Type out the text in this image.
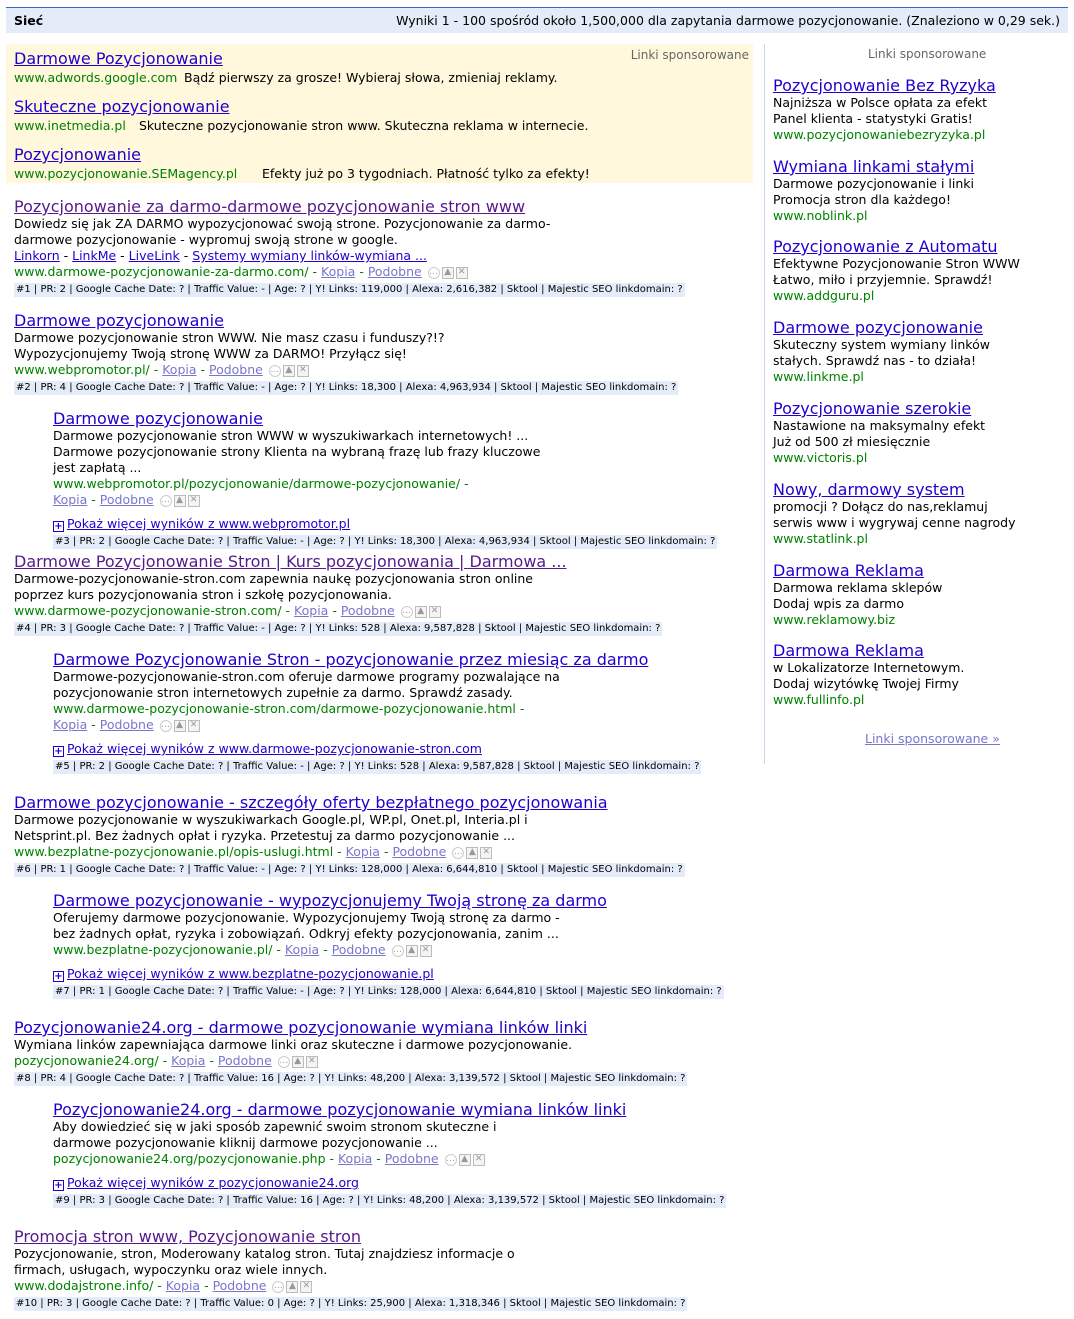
Sieć	Wyniki 1 - 100 spośród około 1,500,000 dla zapytania darmowe pozycjonowanie. (Znaleziono w 0,29 sek.)
Linki sponsorowane
Darmowe Pozycjonowanie
www.adwords.google.com Bądź pierwszy za grosze! Wybieraj słowa, zmieniaj reklamy.
Skuteczne pozycjonowanie
www.inetmedia.pl Skuteczne pozycjonowanie stron www. Skuteczna reklama w internecie.
Pozycjonowanie
www.pozycjonowanie.SEMagency.pl Efekty już po 3 tygodniach. Płatność tylko za efekty!
Pozycjonowanie za darmo-darmowe pozycjonowanie stron www
Dowiedz się jak ZA DARMO wypozycjonować swoją strone. Pozycjonowanie za darmo-darmowe pozycjonowanie - wypromuj swoją strone w google.
Linkorn - LinkMe - LiveLink - Systemy wymiany linków-wymiana ...
www.darmowe-pozycjonowanie-za-darmo.com/ - Kopia - Podobne … ▲ ✕
#1 | PR: 2 | Google Cache Date: ? | Traffic Value: - | Age: ? | Y! Links: 119,000 | Alexa: 2,616,382 | Sktool | Majestic SEO linkdomain: ?
Darmowe pozycjonowanie
Darmowe pozycjonowanie stron WWW. Nie masz czasu i funduszy?!? Wypozycjonujemy Twoją stronę WWW za DARMO! Przyłącz się!
www.webpromotor.pl/ - Kopia - Podobne … ▲ ✕
#2 | PR: 4 | Google Cache Date: ? | Traffic Value: - | Age: ? | Y! Links: 18,300 | Alexa: 4,963,934 | Sktool | Majestic SEO linkdomain: ?
Darmowe pozycjonowanie
Darmowe pozycjonowanie stron WWW w wyszukiwarkach internetowych! ... Darmowe pozycjonowanie strony Klienta na wybraną frazę lub frazy kluczowe jest zapłatą ...
www.webpromotor.pl/pozycjonowanie/darmowe-pozycjonowanie/ -
Kopia - Podobne … ▲ ✕
+ Pokaż więcej wyników z www.webpromotor.pl
#3 | PR: 2 | Google Cache Date: ? | Traffic Value: - | Age: ? | Y! Links: 18,300 | Alexa: 4,963,934 | Sktool | Majestic SEO linkdomain: ?
Darmowe Pozycjonowanie Stron | Kurs pozycjonowania | Darmowa ...
Darmowe-pozycjonowanie-stron.com zapewnia naukę pozycjonowania stron online poprzez kurs pozycjonowania stron i szkołę pozycjonowania.
www.darmowe-pozycjonowanie-stron.com/ - Kopia - Podobne … ▲ ✕
#4 | PR: 3 | Google Cache Date: ? | Traffic Value: - | Age: ? | Y! Links: 528 | Alexa: 9,587,828 | Sktool | Majestic SEO linkdomain: ?
Darmowe Pozycjonowanie Stron - pozycjonowanie przez miesiąc za darmo
Darmowe-pozycjonowanie-stron.com oferuje darmowe programy pozwalające na pozycjonowanie stron internetowych zupełnie za darmo. Sprawdź zasady.
www.darmowe-pozycjonowanie-stron.com/darmowe-pozycjonowanie.html -
Kopia - Podobne … ▲ ✕
+ Pokaż więcej wyników z www.darmowe-pozycjonowanie-stron.com
#5 | PR: 2 | Google Cache Date: ? | Traffic Value: - | Age: ? | Y! Links: 528 | Alexa: 9,587,828 | Sktool | Majestic SEO linkdomain: ?
Darmowe pozycjonowanie - szczegóły oferty bezpłatnego pozycjonowania
Darmowe pozycjonowanie w wyszukiwarkach Google.pl, WP.pl, Onet.pl, Interia.pl i Netsprint.pl. Bez żadnych opłat i ryzyka. Przetestuj za darmo pozycjonowanie ...
www.bezplatne-pozycjonowanie.pl/opis-uslugi.html - Kopia - Podobne … ▲ ✕
#6 | PR: 1 | Google Cache Date: ? | Traffic Value: - | Age: ? | Y! Links: 128,000 | Alexa: 6,644,810 | Sktool | Majestic SEO linkdomain: ?
Darmowe pozycjonowanie - wypozycjonujemy Twoją stronę za darmo
Oferujemy darmowe pozycjonowanie. Wypozycjonujemy Twoją stronę za darmo - bez żadnych opłat, ryzyka i zobowiązań. Odkryj efekty pozycjonowania, zanim ...
www.bezplatne-pozycjonowanie.pl/ - Kopia - Podobne … ▲ ✕
+ Pokaż więcej wyników z www.bezplatne-pozycjonowanie.pl
#7 | PR: 1 | Google Cache Date: ? | Traffic Value: - | Age: ? | Y! Links: 128,000 | Alexa: 6,644,810 | Sktool | Majestic SEO linkdomain: ?
Pozycjonowanie24.org - darmowe pozycjonowanie wymiana linków linki
Wymiana linków zapewniająca darmowe linki oraz skuteczne i darmowe pozycjonowanie.
pozycjonowanie24.org/ - Kopia - Podobne … ▲ ✕
#8 | PR: 4 | Google Cache Date: ? | Traffic Value: 16 | Age: ? | Y! Links: 48,200 | Alexa: 3,139,572 | Sktool | Majestic SEO linkdomain: ?
Pozycjonowanie24.org - darmowe pozycjonowanie wymiana linków linki
Aby dowiedzieć się w jaki sposób zapewnić swoim stronom skuteczne i darmowe pozycjonowanie kliknij darmowe pozycjonowanie ...
pozycjonowanie24.org/pozycjonowanie.php - Kopia - Podobne … ▲ ✕
+ Pokaż więcej wyników z pozycjonowanie24.org
#9 | PR: 3 | Google Cache Date: ? | Traffic Value: 16 | Age: ? | Y! Links: 48,200 | Alexa: 3,139,572 | Sktool | Majestic SEO linkdomain: ?
Promocja stron www, Pozycjonowanie stron
Pozycjonowanie, stron, Moderowany katalog stron. Tutaj znajdziesz informacje o firmach, usługach, wypoczynku oraz wiele innych.
www.dodajstrone.info/ - Kopia - Podobne … ▲ ✕
#10 | PR: 3 | Google Cache Date: ? | Traffic Value: 0 | Age: ? | Y! Links: 25,900 | Alexa: 1,318,346 | Sktool | Majestic SEO linkdomain: ?
Linki sponsorowane
Pozycjonowanie Bez Ryzyka
Najniższa w Polsce opłata za efekt
Panel klienta - statystyki Gratis!
www.pozycjonowaniebezryzyka.pl
Wymiana linkami stałymi
Darmowe pozycjonowanie i linki
Promocja stron dla każdego!
www.noblink.pl
Pozycjonowanie z Automatu
Efektywne Pozycjonowanie Stron WWW
Łatwo, miło i przyjemnie. Sprawdź!
www.addguru.pl
Darmowe pozycjonowanie
Skuteczny system wymiany linków
stałych. Sprawdź nas - to działa!
www.linkme.pl
Pozycjonowanie szerokie
Nastawione na maksymalny efekt
Już od 500 zł miesięcznie
www.victoris.pl
Nowy, darmowy system
promocji ? Dołącz do nas,reklamuj
serwis www i wygrywaj cenne nagrody
www.statlink.pl
Darmowa Reklama
Darmowa reklama sklepów
Dodaj wpis za darmo
www.reklamowy.biz
Darmowa Reklama
w Lokalizatorze Internetowym.
Dodaj wizytówkę Twojej Firmy
www.fullinfo.pl
Linki sponsorowane »
